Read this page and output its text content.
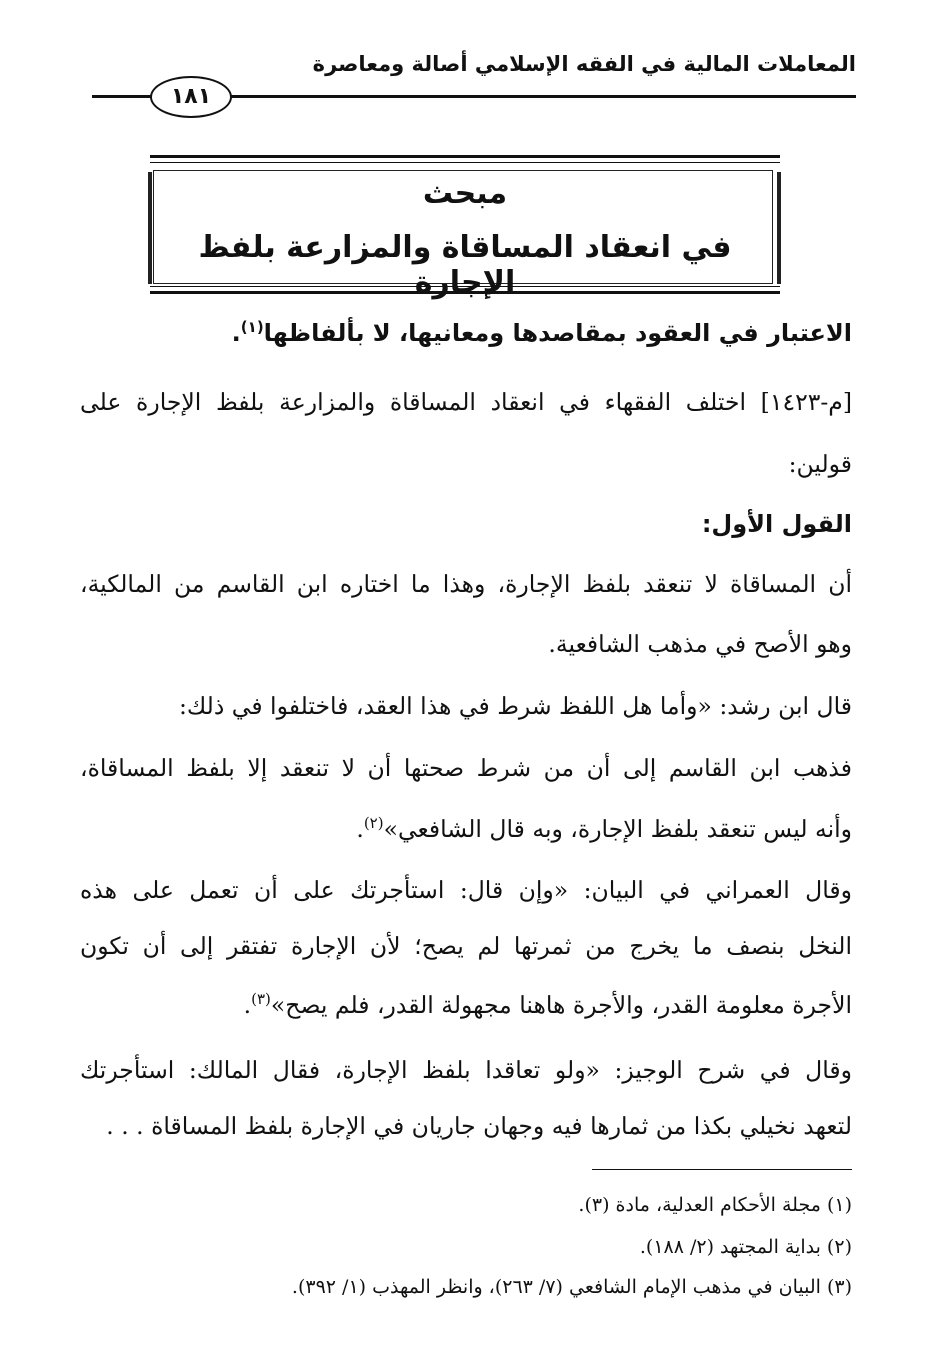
المعاملات المالية في الفقه الإسلامي أصالة ومعاصرة
١٨١
مبحث
في انعقاد المساقاة والمزارعة بلفظ الإجارة
الاعتبار في العقود بمقاصدها ومعانيها، لا بألفاظها$^{(١)}$.
[م-١٤٢٣] اختلف الفقهاء في انعقاد المساقاة والمزارعة بلفظ الإجارة على
قولين:
القول الأول:
أن المساقاة لا تنعقد بلفظ الإجارة، وهذا ما اختاره ابن القاسم من المالكية،
وهو الأصح في مذهب الشافعية.
قال ابن رشد: «وأما هل اللفظ شرط في هذا العقد، فاختلفوا في ذلك:
فذهب ابن القاسم إلى أن من شرط صحتها أن لا تنعقد إلا بلفظ المساقاة،
وأنه ليس تنعقد بلفظ الإجارة، وبه قال الشافعي»$^{(٢)}$.
وقال العمراني في البيان: «وإن قال: استأجرتك على أن تعمل على هذه
النخل بنصف ما يخرج من ثمرتها لم يصح؛ لأن الإجارة تفتقر إلى أن تكون
الأجرة معلومة القدر، والأجرة هاهنا مجهولة القدر، فلم يصح»$^{(٣)}$.
وقال في شرح الوجيز: «ولو تعاقدا بلفظ الإجارة، فقال المالك: استأجرتك
لتعهد نخيلي بكذا من ثمارها فيه وجهان جاريان في الإجارة بلفظ المساقاة . . .
(١) مجلة الأحكام العدلية، مادة (٣).
(٢) بداية المجتهد (٢/ ١٨٨).
(٣) البيان في مذهب الإمام الشافعي (٧/ ٢٦٣)، وانظر المهذب (١/ ٣٩٢).
